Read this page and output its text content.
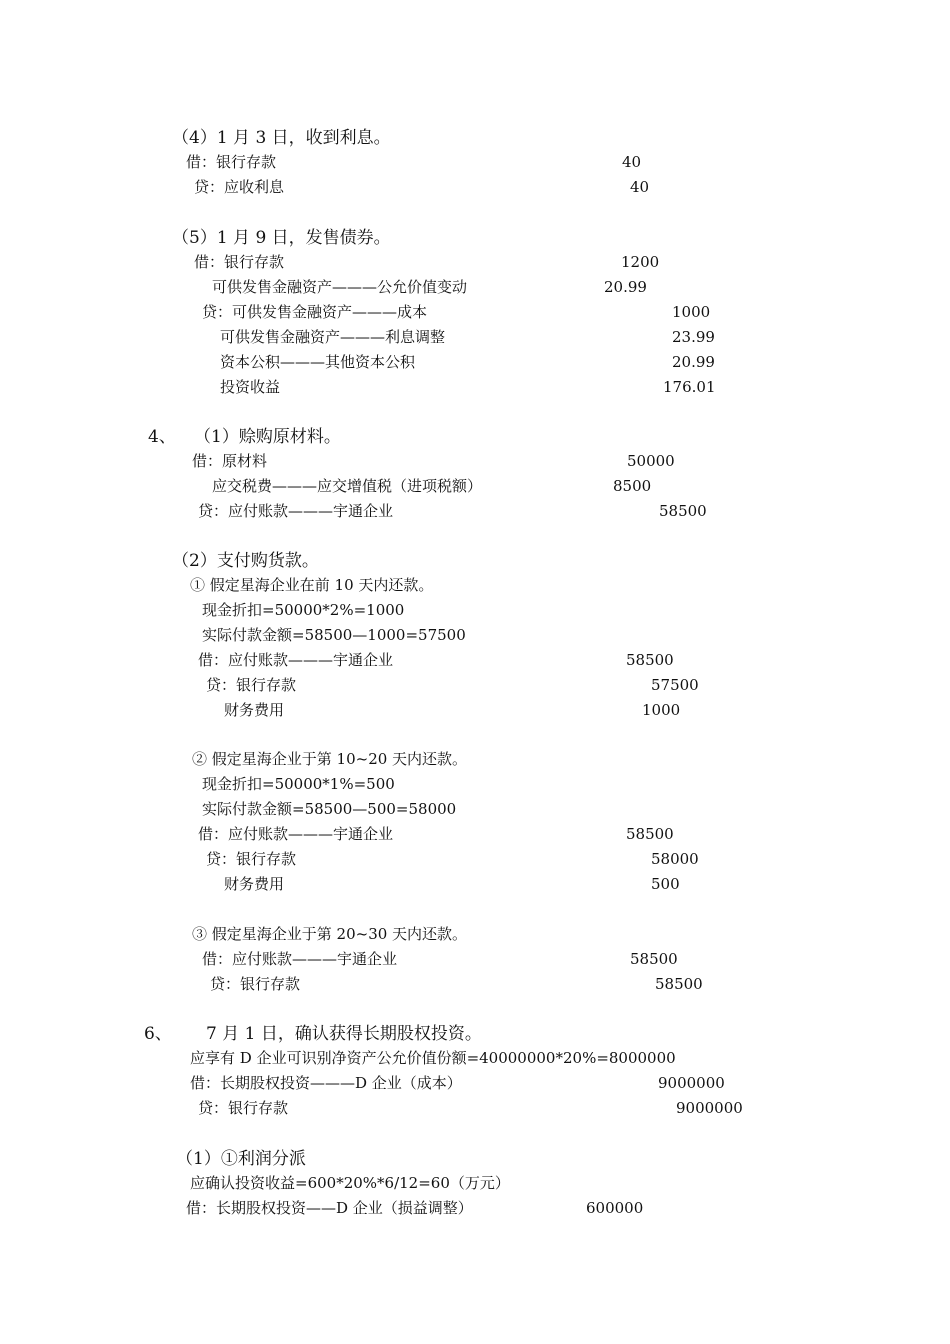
（4）1 月 3 日，收到利息。
借：银行存款	40
贷：应收利息	40
（5）1 月 9 日，发售债券。
借：银行存款	1200
可供发售金融资产———公允价值变动	20.99
贷：可供发售金融资产———成本	1000
可供发售金融资产———利息调整	23.99
资本公积———其他资本公积	20.99
投资收益	176.01
4、 （1）赊购原材料。
借：原材料	50000
应交税费———应交增值税（进项税额）	8500
贷：应付账款———宇通企业	58500
（2）支付购货款。
① 假定星海企业在前 10 天内还款。
现金折扣=50000*2%=1000
实际付款金额=58500—1000=57500
借：应付账款———宇通企业	58500
贷：银行存款	57500
财务费用	1000
② 假定星海企业于第 10~20 天内还款。
现金折扣=50000*1%=500
实际付款金额=58500—500=58000
借：应付账款———宇通企业	58500
贷：银行存款	58000
财务费用	500
③ 假定星海企业于第 20~30 天内还款。
借：应付账款———宇通企业	58500
贷：银行存款	58500
6、 7 月 1 日，确认获得长期股权投资。
应享有 D 企业可识别净资产公允价值份额=40000000*20%=8000000
借：长期股权投资———D 企业（成本）	9000000
贷：银行存款	9000000
（1）①利润分派
应确认投资收益=600*20%*6/12=60（万元）
借：长期股权投资——D 企业（损益调整）	600000
